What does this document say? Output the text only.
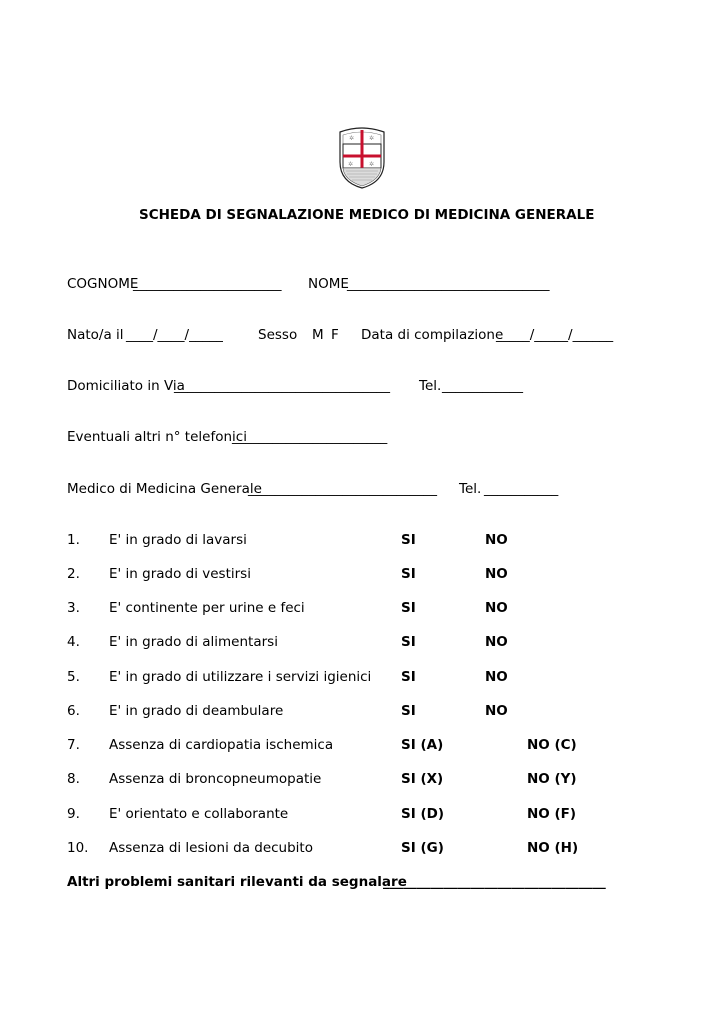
✲ ✲
✲	✲
SCHEDA DI SEGNALAZIONE MEDICO DI MEDICINA GENERALE
COGNOME
______________________ NOME
______________________________
Nato/a il ____/____/_____	Sesso M F Data di compilazione
_____/_____/______
Domiciliato in Via
________________________________ Tel. ____________
Eventuali altri n° telefonici
_______________________
Medico di Medicina Generale
____________________________ Tel. ___________
1. E' in grado di lavarsi	SI	NO
2. E' in grado di vestirsi	SI	NO
3. E' continente per urine e feci	SI	NO
4. E' in grado di alimentarsi	SI	NO
5. E' in grado di utilizzare i servizi igienici SI	NO
6. E' in grado di deambulare	SI	NO
7. Assenza di cardiopatia ischemica	SI (A)	NO (C)
8. Assenza di broncopneumopatie	SI (X)	NO (Y)
9. E' orientato e collaborante	SI (D)	NO (F)
10. Assenza di lesioni da decubito	SI (G)	NO (H)
Altri problemi sanitari rilevanti da segnalare
_________________________________
